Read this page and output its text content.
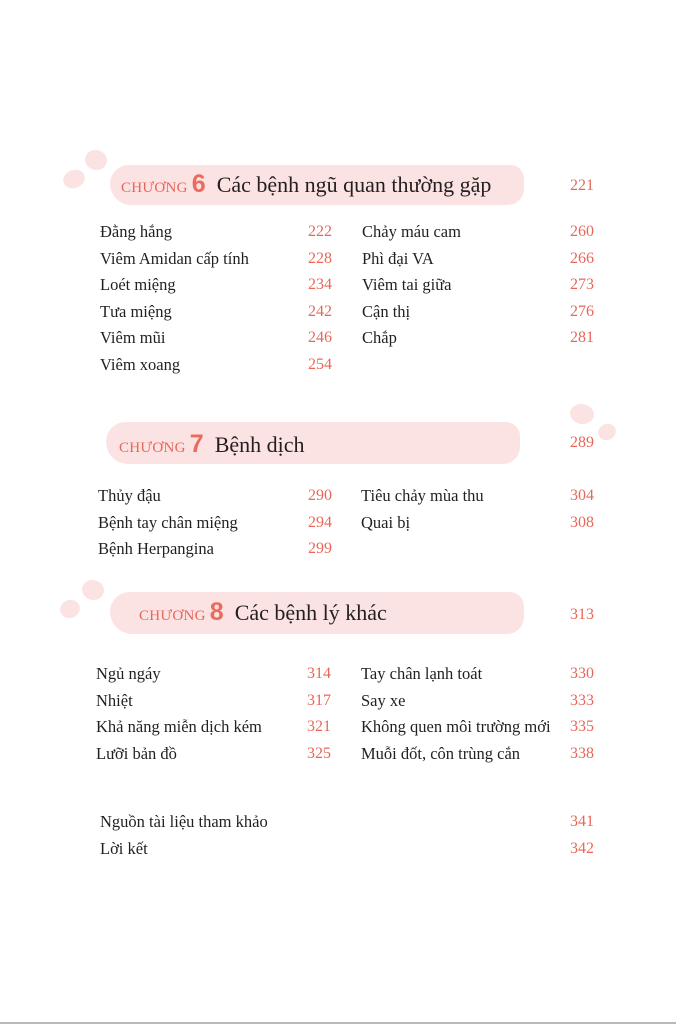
CHƯƠNG 6 Các bệnh ngũ quan thường gặp	221
Đằng hắng	222
Viêm Amidan cấp tính	228
Loét miệng	234
Tưa miệng	242
Viêm mũi	246
Viêm xoang	254
Chảy máu cam	260
Phì đại VA	266
Viêm tai giữa	273
Cận thị	276
Chắp	281
CHƯƠNG 7 Bệnh dịch	289
Thủy đậu	290
Bệnh tay chân miệng	294
Bệnh Herpangina	299
Tiêu chảy mùa thu	304
Quai bị	308
CHƯƠNG 8 Các bệnh lý khác	313
Ngủ ngáy	314
Nhiệt	317
Khả năng miễn dịch kém	321
Lưỡi bản đồ	325
Tay chân lạnh toát	330
Say xe	333
Không quen môi trường mới	335
Muỗi đốt, côn trùng cắn	338
Nguồn tài liệu tham khảo	341
Lời kết	342
